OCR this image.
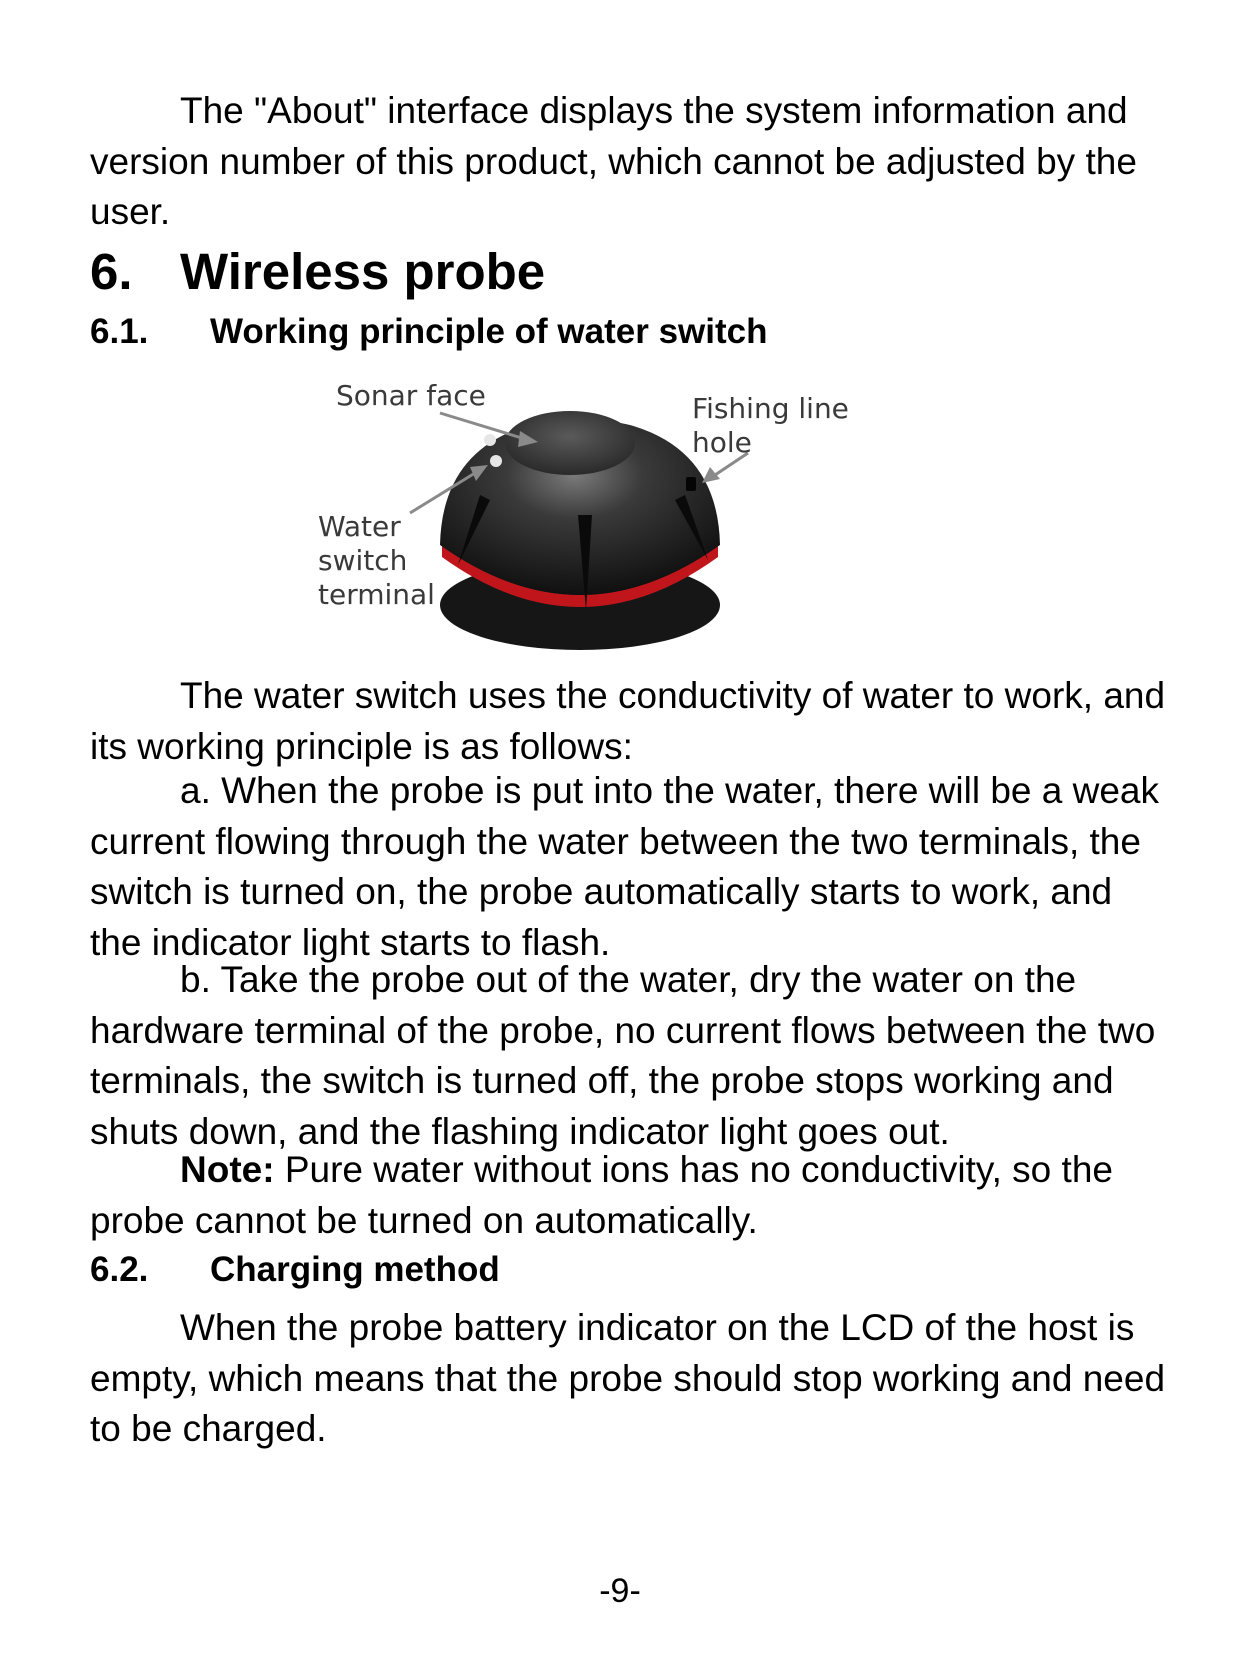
The "About" interface displays the system information and version number of this product, which cannot be adjusted by the user.

6. Wireless probe
6.1. Working principle of water switch

Sonar face	Fishing line hole

Water switch terminal

The water switch uses the conductivity of water to work, and its working principle is as follows:

a. When the probe is put into the water, there will be a weak current flowing through the water between the two terminals, the switch is turned on, the probe automatically starts to work, and the indicator light starts to flash.

b. Take the probe out of the water, dry the water on the hardware terminal of the probe, no current flows between the two terminals, the switch is turned off, the probe stops working and shuts down, and the flashing indicator light goes out.

Note: Pure water without ions has no conductivity, so the probe cannot be turned on automatically.

6.2. Charging method

When the probe battery indicator on the LCD of the host is empty, which means that the probe should stop working and need to be charged.

-9-
